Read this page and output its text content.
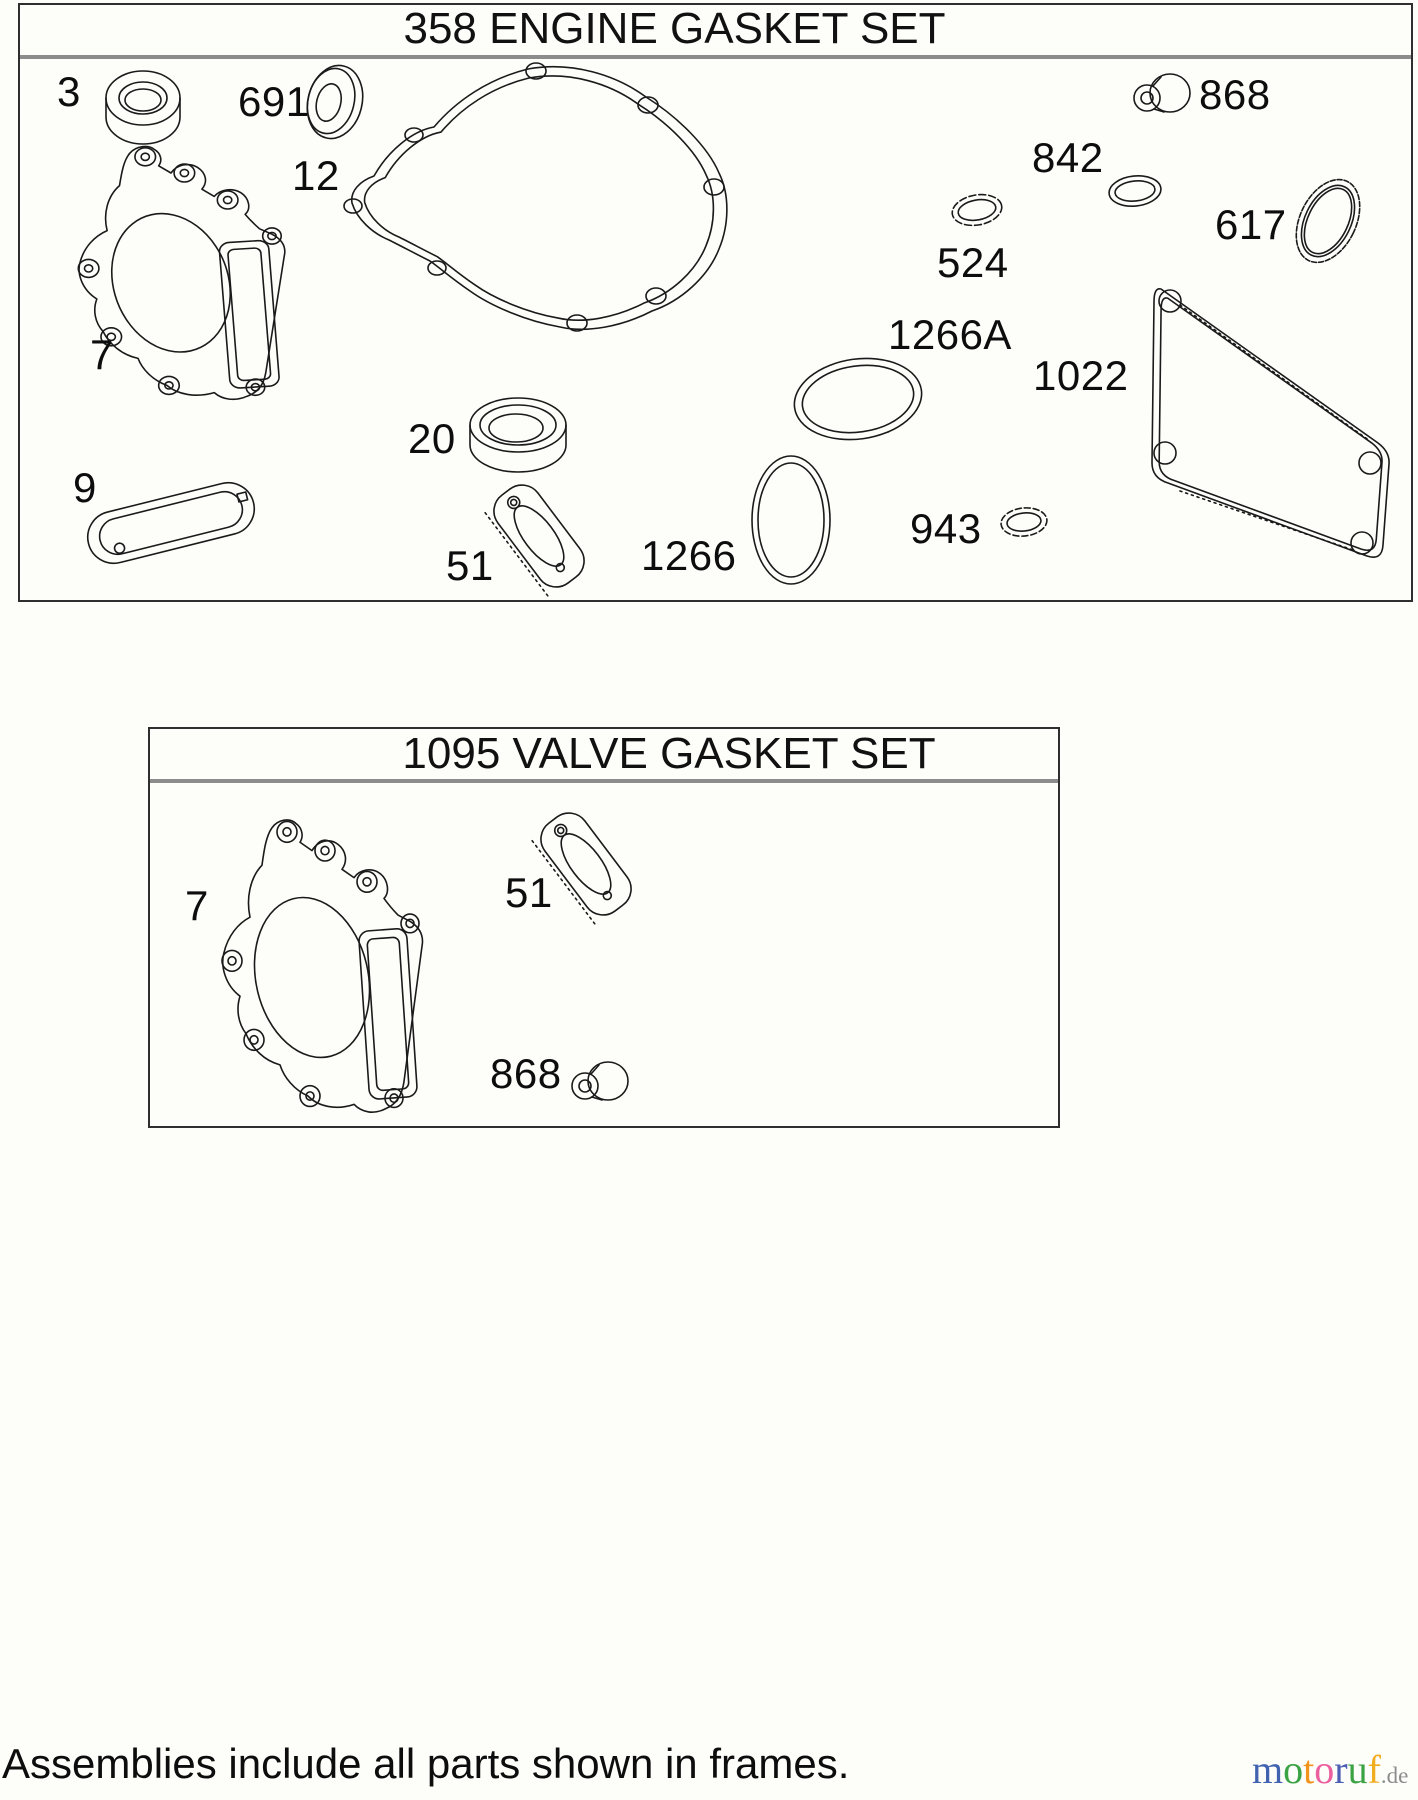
358 ENGINE GASKET SET
3	691
12
868
842
524
617
7	1266A
1022
20
9
51	1266
943
1095 VALVE GASKET SET
7	51
868
Assemblies include all parts shown in frames.	motoruf .de
